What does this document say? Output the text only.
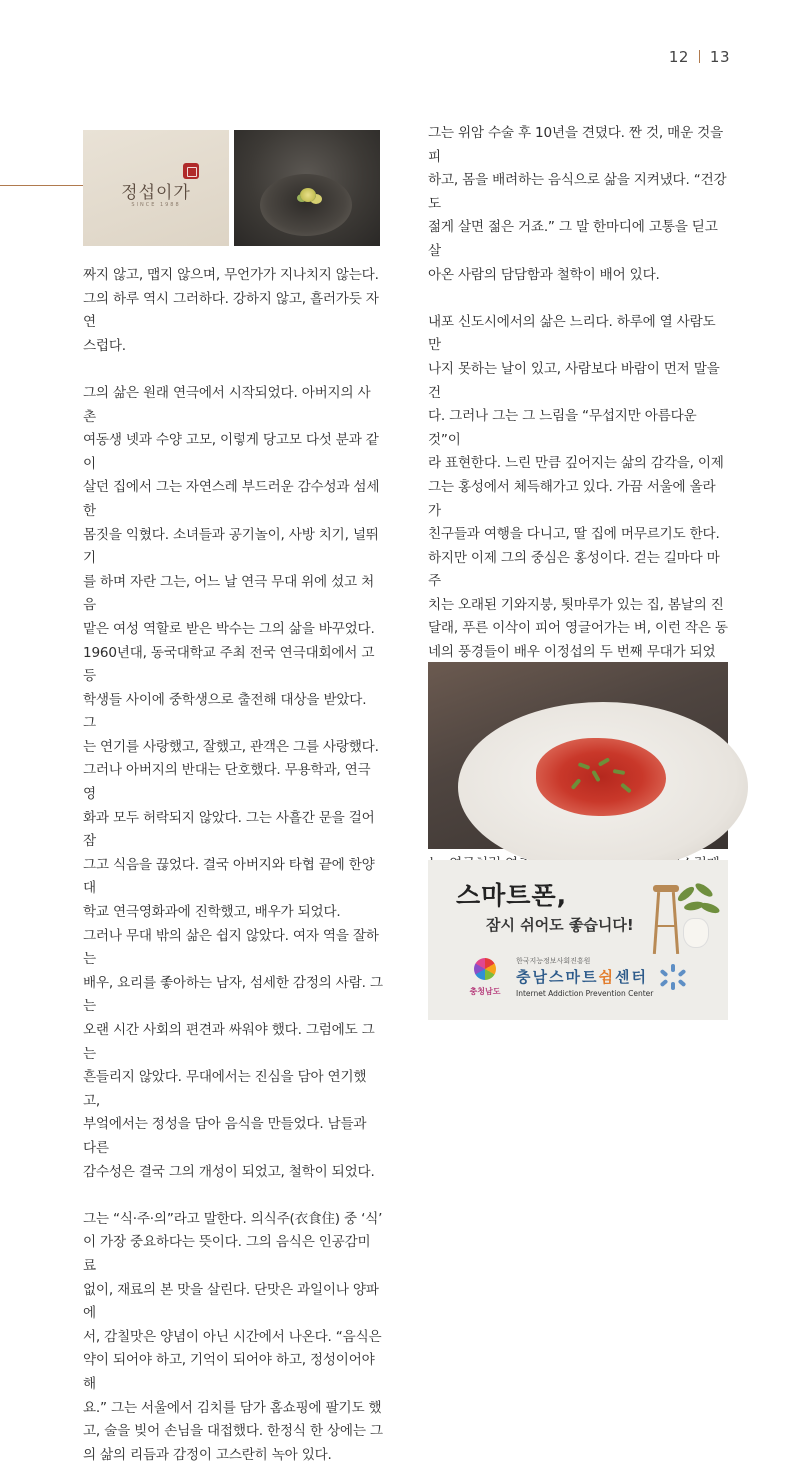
12 13
정섭이가
SINCE 1988

짜지 않고, 맵지 않으며, 무언가가 지나치지 않는다.

그의 하루 역시 그러하다. 강하지 않고, 흘러가듯 자연

스럽다.

그의 삶은 원래 연극에서 시작되었다. 아버지의 사촌

여동생 넷과 수양 고모, 이렇게 당고모 다섯 분과 같이

살던 집에서 그는 자연스레 부드러운 감수성과 섬세한

몸짓을 익혔다. 소녀들과 공기놀이, 사방 치기, 널뛰기

를 하며 자란 그는, 어느 날 연극 무대 위에 섰고 처음

맡은 여성 역할로 받은 박수는 그의 삶을 바꾸었다.

1960년대, 동국대학교 주최 전국 연극대회에서 고등

학생들 사이에 중학생으로 출전해 대상을 받았다. 그

는 연기를 사랑했고, 잘했고, 관객은 그를 사랑했다.

그러나 아버지의 반대는 단호했다. 무용학과, 연극영

화과 모두 허락되지 않았다. 그는 사흘간 문을 걸어 잠

그고 식음을 끊었다. 결국 아버지와 타협 끝에 한양대

학교 연극영화과에 진학했고, 배우가 되었다.

그러나 무대 밖의 삶은 쉽지 않았다. 여자 역을 잘하는

배우, 요리를 좋아하는 남자, 섬세한 감정의 사람. 그는

오랜 시간 사회의 편견과 싸워야 했다. 그럼에도 그는

흔들리지 않았다. 무대에서는 진심을 담아 연기했고,

부엌에서는 정성을 담아 음식을 만들었다. 남들과 다른

감수성은 결국 그의 개성이 되었고, 철학이 되었다.

그는 “식·주·의”라고 말한다. 의식주(衣食住) 중 ‘식’

이 가장 중요하다는 뜻이다. 그의 음식은 인공감미료

없이, 재료의 본 맛을 살린다. 단맛은 과일이나 양파에

서, 감칠맛은 양념이 아닌 시간에서 나온다. “음식은

약이 되어야 하고, 기억이 되어야 하고, 정성이어야 해

요.” 그는 서울에서 김치를 담가 홈쇼핑에 팔기도 했

고, 술을 빚어 손님을 대접했다. 한정식 한 상에는 그

의 삶의 리듬과 감정이 고스란히 녹아 있다.

그는 위암 수술 후 10년을 견뎠다. 짠 것, 매운 것을 피

하고, 몸을 배려하는 음식으로 삶을 지켜냈다. “건강도

젊게 살면 젊은 거죠.” 그 말 한마디에 고통을 딛고 살

아온 사람의 담담함과 철학이 배어 있다.

내포 신도시에서의 삶은 느리다. 하루에 열 사람도 만

나지 못하는 날이 있고, 사람보다 바람이 먼저 말을 건

다. 그러나 그는 그 느림을 “무섭지만 아름다운 것”이

라 표현한다. 느린 만큼 깊어지는 삶의 감각을, 이제

그는 홍성에서 체득해가고 있다. 가끔 서울에 올라가

친구들과 여행을 다니고, 딸 집에 머무르기도 한다.

하지만 이제 그의 중심은 홍성이다. 걷는 길마다 마주

치는 오래된 기와지붕, 툇마루가 있는 집, 봄날의 진

달래, 푸른 이삭이 피어 영글어가는 벼, 이런 작은 동

네의 풍경들이 배우 이정섭의 두 번째 무대가 되었

스마트폰,
잠시 쉬어도 좋습니다!
충청남도
한국지능정보사회진흥원
충남스마트쉼센터
Internet Addiction Prevention Center
